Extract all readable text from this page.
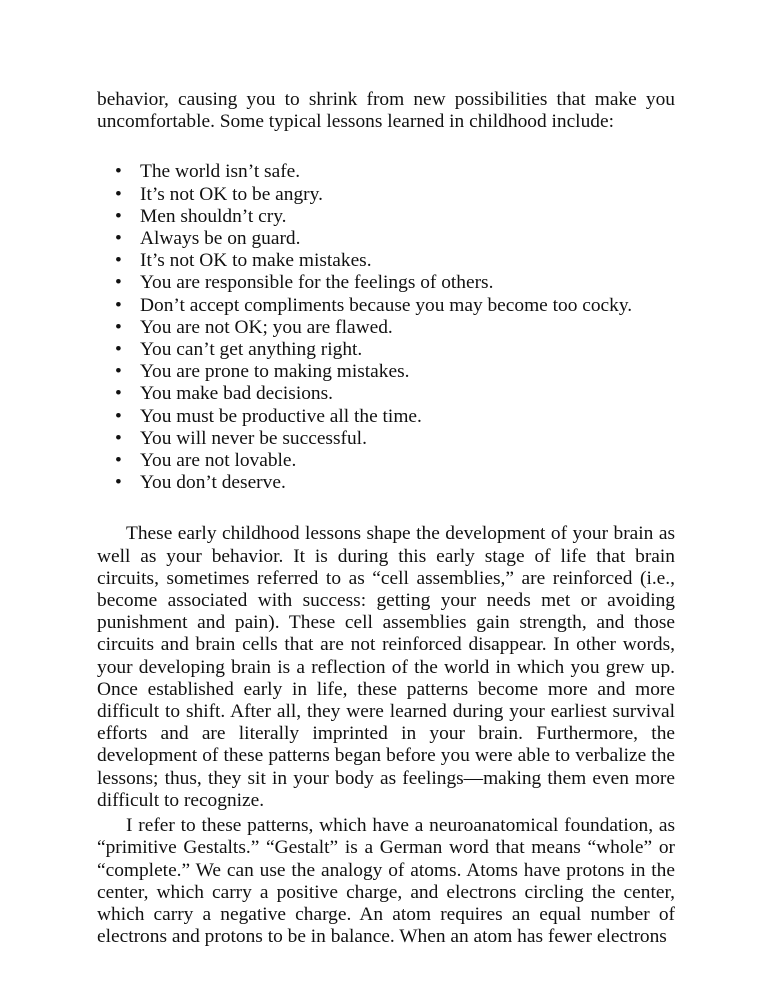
behavior, causing you to shrink from new possibilities that make you uncomfortable. Some typical lessons learned in childhood include:

• The world isn’t safe.
• It’s not OK to be angry.
• Men shouldn’t cry.
• Always be on guard.
• It’s not OK to make mistakes.
• You are responsible for the feelings of others.
• Don’t accept compliments because you may become too cocky.
• You are not OK; you are flawed.
• You can’t get anything right.
• You are prone to making mistakes.
• You make bad decisions.
• You must be productive all the time.
• You will never be successful.
• You are not lovable.
• You don’t deserve.

These early childhood lessons shape the development of your brain as well as your behavior. It is during this early stage of life that brain circuits, sometimes referred to as “cell assemblies,” are reinforced (i.e., become associated with success: getting your needs met or avoiding punishment and pain). These cell assemblies gain strength, and those circuits and brain cells that are not reinforced disappear. In other words, your developing brain is a reflection of the world in which you grew up. Once established early in life, these patterns become more and more difficult to shift. After all, they were learned during your earliest survival efforts and are literally imprinted in your brain. Furthermore, the development of these patterns began before you were able to verbalize the lessons; thus, they sit in your body as feelings—making them even more difficult to recognize.

I refer to these patterns, which have a neuroanatomical foundation, as “primitive Gestalts.” “Gestalt” is a German word that means “whole” or “complete.” We can use the analogy of atoms. Atoms have protons in the center, which carry a positive charge, and electrons circling the center, which carry a negative charge. An atom requires an equal number of electrons and protons to be in balance. When an atom has fewer electrons
